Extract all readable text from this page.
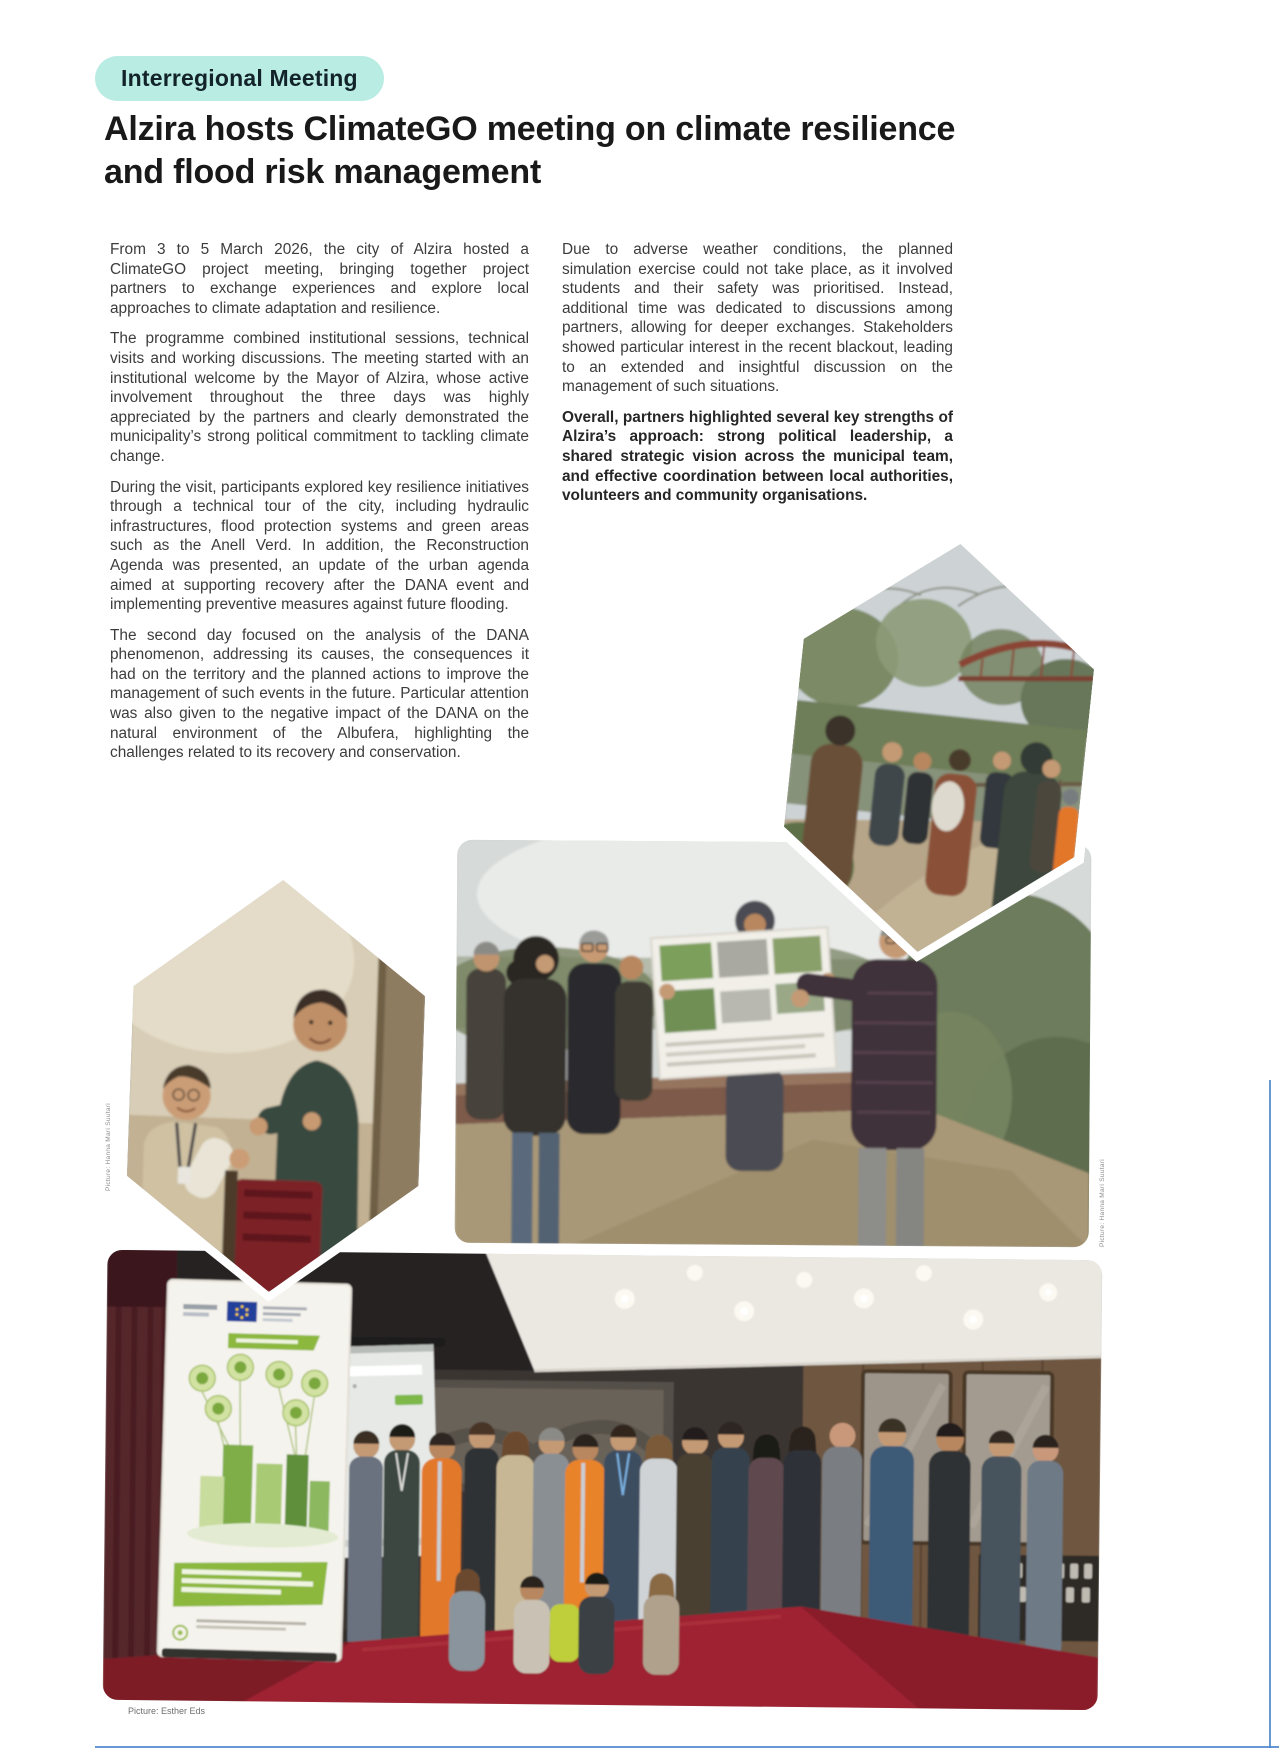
Interregional Meeting
Alzira hosts ClimateGO meeting on climate resilience and flood risk management

From 3 to 5 March 2026, the city of Alzira hosted a ClimateGO project meeting, bringing together project partners to exchange experiences and explore local approaches to climate adaptation and resilience.

The programme combined institutional sessions, technical visits and working discussions. The meeting started with an institutional welcome by the Mayor of Alzira, whose active involvement throughout the three days was highly appreciated by the partners and clearly demonstrated the municipality’s strong political commitment to tackling climate change.

During the visit, participants explored key resilience initiatives through a technical tour of the city, including hydraulic infrastructures, flood protection systems and green areas such as the Anell Verd. In addition, the Reconstruction Agenda was presented, an update of the urban agenda aimed at supporting recovery after the DANA event and implementing preventive measures against future flooding.

The second day focused on the analysis of the DANA phenomenon, addressing its causes, the consequences it had on the territory and the planned actions to improve the management of such events in the future. Particular attention was also given to the negative impact of the DANA on the natural environment of the Albufera, highlighting the challenges related to its recovery and conservation.

Due to adverse weather conditions, the planned simulation exercise could not take place, as it involved students and their safety was prioritised. Instead, additional time was dedicated to discussions among partners, allowing for deeper exchanges. Stakeholders showed particular interest in the recent blackout, leading to an extended and insightful discussion on the management of such situations.

Overall, partners highlighted several key strengths of Alzira’s approach: strong political leadership, a shared strategic vision across the municipal team, and effective coordination between local authorities, volunteers and community organisations.

Picture: Hanna Mari Suutari
Picture: Hanna Mari Suutari
Picture: Esther Eds
